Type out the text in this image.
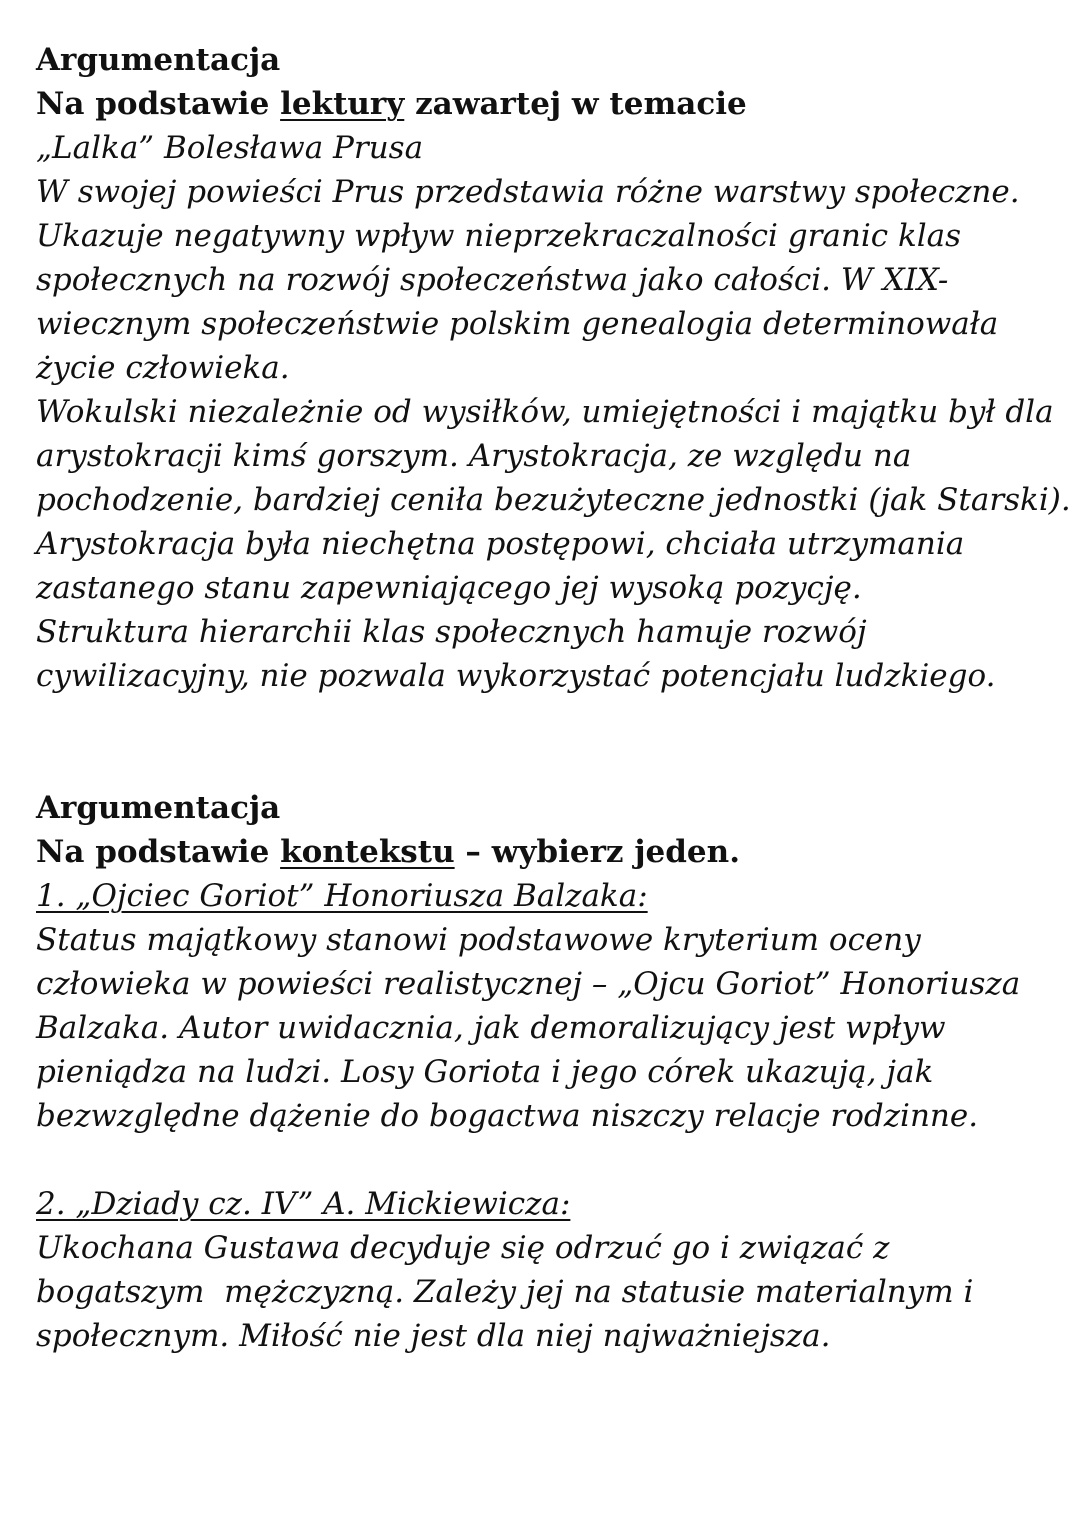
Argumentacja
Na podstawie lektury zawartej w temacie
„Lalka” Bolesława Prusa
W swojej powieści Prus przedstawia różne warstwy społeczne.
Ukazuje negatywny wpływ nieprzekraczalności granic klas
społecznych na rozwój społeczeństwa jako całości. W XIX-
wiecznym społeczeństwie polskim genealogia determinowała
życie człowieka.
Wokulski niezależnie od wysiłków, umiejętności i majątku był dla
arystokracji kimś gorszym. Arystokracja, ze względu na
pochodzenie, bardziej ceniła bezużyteczne jednostki (jak Starski).
Arystokracja była niechętna postępowi, chciała utrzymania
zastanego stanu zapewniającego jej wysoką pozycję.
Struktura hierarchii klas społecznych hamuje rozwój
cywilizacyjny, nie pozwala wykorzystać potencjału ludzkiego.
Argumentacja
Na podstawie kontekstu – wybierz jeden.
1. „Ojciec Goriot” Honoriusza Balzaka:
Status majątkowy stanowi podstawowe kryterium oceny
człowieka w powieści realistycznej – „Ojcu Goriot” Honoriusza
Balzaka. Autor uwidacznia, jak demoralizujący jest wpływ
pieniądza na ludzi. Losy Goriota i jego córek ukazują, jak
bezwzględne dążenie do bogactwa niszczy relacje rodzinne.
2. „Dziady cz. IV” A. Mickiewicza:
Ukochana Gustawa decyduje się odrzuć go i związać z
bogatszym  mężczyzną. Zależy jej na statusie materialnym i
społecznym. Miłość nie jest dla niej najważniejsza.
